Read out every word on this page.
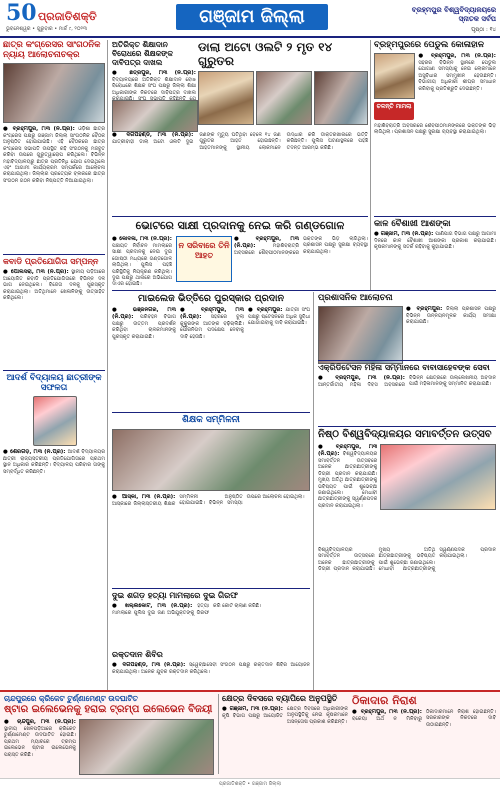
50 ପ୍ରଜାତିଶକ୍ତି
ଭୁବନେଶ୍ୱର • ଗୁରୁବାର • ମାର୍ଚ୍ଚ ୯, ୨୦୨୩
ଗଞ୍ଜାମ ଜିଲ୍ଲା	ବ୍ରହ୍ମପୁର ବିଶ୍ୱବିଦ୍ୟାଳୟରେ ସ୍ନାତକ ସର୍ବପ
ପୃଷ୍ଠା : ୧୪
ଛାତ୍ର କଂଗ୍ରେସର ସାଂଗଠନିକ ନ୍ୟାୟ ଆଲୋଚନାଚକ୍ର
● ବ୍ରହ୍ମପୁର, ୮ା୩ (ନି.ପ୍ର): ଓଡ଼ିଶା ଛାତ୍ର କଂଗ୍ରେସ ପକ୍ଷରୁ ଗଞ୍ଜାମ ଜିଲ୍ଲା ସାଂଗଠନିକ ବୈଠକ ଅନୁଷ୍ଠିତ ହୋଇଯାଇଛି। ଏହି ବୈଠକରେ ଛାତ୍ର କଂଗ୍ରେସ ସଭାପତି ଉପସ୍ଥିତ ରହି ସଂଗଠନକୁ ମଜବୁତ କରିବା ଉପରେ ଗୁରୁତ୍ୱାରୋପ କରିଥିଲେ। ବିଭିନ୍ନ ମହାବିଦ୍ୟାଳୟରୁ ଛାତ୍ର ପ୍ରତିନିଧି ଯୋଗ ଦେଇଥିଲେ ଏବଂ ଆଗାମୀ କାର୍ଯ୍ୟକ୍ରମ ସମ୍ପର୍କରେ ଆଲୋଚନା କରାଯାଇଥିଲା। ଜିଲ୍ଲାର ପ୍ରତ୍ୟେକ ବ୍ଲକରେ ଛାତ୍ର ସଂଗଠନ ଗଠନ କରିବା ନିଷ୍ପତ୍ତି ନିଆଯାଇଥିଲା।
କବାଡି ପ୍ରତିଯୋଗିତା ସମ୍ପନ୍ନ
● ପୋଲସରା, ୮ା୩ (ନି.ପ୍ର): ସ୍ଥାନୀୟ ପଡ଼ିଆରେ ଆୟୋଜିତ କବାଡି ପ୍ରତିଯୋଗିତାରେ ବିଭିନ୍ନ ଦଳ ଭାଗ ନେଇଥିଲେ। ବିଜେତା ଦଳକୁ ପୁରସ୍କୃତ କରାଯାଇଥିଲା। ଅତିଥିମାନେ ଖେଳାଳିଙ୍କୁ ଉତ୍ସାହିତ କରିଥିଲେ।
ଆଦର୍ଶ ବିଦ୍ୟାଳୟ ଛାତ୍ରୀଙ୍କ ସଫଳତା
● ଶେରଗଡ଼, ୮ା୩ (ନି.ପ୍ର): ଆଦର୍ଶ ବିଦ୍ୟାଳୟର ଛାତ୍ରୀ ରାଜ୍ୟସ୍ତରୀୟ ପ୍ରତିଯୋଗିତାରେ ପ୍ରଥମ ସ୍ଥାନ ଅଧିକାର କରିଛନ୍ତି। ବିଦ୍ୟାଳୟ ପରିବାର ତାଙ୍କୁ ସମ୍ବର୍ଦ୍ଧିତ କରିଛନ୍ତି।
ଅତିରିକ୍ତ ଶିକ୍ଷାଦାନ ବିରୋଧରେ ଶିକ୍ଷକଙ୍କ ଦାବିପତ୍ର ଦାଖଲ
● ଛତ୍ରପୁର, ୮ା୩ (ନି.ପ୍ର): ବିଦ୍ୟାଳୟରେ ଅତିରିକ୍ତ ଶିକ୍ଷାଦାନ ବୋଝ ବିରୋଧରେ ଶିକ୍ଷକ ସଂଘ ପକ୍ଷରୁ ଜିଲ୍ଲା ଶିକ୍ଷା ଅଧିକାରୀଙ୍କ ନିକଟରେ ଦାବିପତ୍ର ଦାଖଲ
ଡାଲା ଅଟୋ ଓଲଟି ୨ ମୃତ ୧୪ ଗୁରୁତର
● ଦିଗପହଣ୍ଡି, ୮ା୩ (ନି.ପ୍ର): ଯାତ୍ରୀବାହୀ ଡାଲା ଅଟୋ ଓଲଟି ଦୁଇ ଜଣଙ୍କ ମୃତ୍ୟୁ ଘଟିଥିବା ବେଳେ ୧୪ ଜଣ ଗୁରୁତର ଆହତ ହୋଇଛନ୍ତି। ଆହତମାନଙ୍କୁ ସ୍ଥାନୀୟ ଲୋକମାନେ ଉଦ୍ଧାର କରି ଡାକ୍ତରଖାନାରେ ଭର୍ତ୍ତି କରିଛନ୍ତି। ପୁଲିସ ଘଟଣାସ୍ଥଳରେ ପହଞ୍ଚି ତଦନ୍ତ ଆରମ୍ଭ କରିଛି।
ବ୍ରହ୍ମପୁରରେ ପେଡୁଲ କୋଳାହାଳ
● ବ୍ରହ୍ମପୁର, ୮ା୩ (ନି.ପ୍ର): ସହରର ବିଭିନ୍ନ ସ୍ଥାନରେ ପେଡୁଲ ଯୋଗାଣ ସମସ୍ୟାକୁ ନେଇ ଲୋକମାନେ ଅସୁବିଧାର ସମ୍ମୁଖୀନ ହେଉଛନ୍ତି। ବିଭାଗୀୟ ଅଧିକାରୀ ଶୀଘ୍ର ସମାଧାନ କରିବାକୁ ପ୍ରତିଶ୍ରୁତି ଦେଇଛନ୍ତି।
ଚଳନ୍ତି ମାମଲା
ମହାଶିବରାତ୍ରି ଅବସରରେ ଶୈବପୀଠମାନଙ୍କରେ ଭକ୍ତଙ୍କ ଭିଡ଼ ଲାଗିଥିଲା। ପ୍ରଶାସନ ପକ୍ଷରୁ ସୁରକ୍ଷା ବ୍ୟବସ୍ଥା କରାଯାଇଥିଲା।
ଭୋଟରେ ସାକ୍ଷୀ ପ୍ରଦାନକୁ ନେଇ କରି ଗଣ୍ଡଗୋଳ
● କୋଦଳା, ୮ା୩ (ନି.ପ୍ର): ପଞ୍ଚାୟତ ନିର୍ବାଚନ ମାମଲାରେ ସାକ୍ଷୀ ପ୍ରଦାନକୁ ନେଇ ଦୁଇ ଗୋଷ୍ଠୀ ମଧ୍ୟରେ ଗଣ୍ଡଗୋଳ ଲାଗିଥିଲା। ପୁଲିସ ପହଞ୍ଚି ପରିସ୍ଥିତିକୁ ନିୟନ୍ତ୍ରଣ କରିଥିଲା। ଦୁଇ ପକ୍ଷରୁ ଥାନାରେ ଅଭିଯୋଗ ଦାଏର ହୋଇଛି।
ନ ସରିବାରେ ତିନି ଆହତ
● ବ୍ରହ୍ମପୁର, ୮ା୩ (ନି.ପ୍ର): ମହାଶିବରାତ୍ରି ଅବସରରେ ଶୈବପୀଠମାନଙ୍କରେ ଭକ୍ତଙ୍କ ଭିଡ଼ ଲାଗିଥିଲା। ପ୍ରଶାସନ ପକ୍ଷରୁ ସୁରକ୍ଷା ବ୍ୟବସ୍ଥା କରାଯାଇଥିଲା।
କାଳ ବୈଶାଖୀ ଆଶଙ୍କା
● ଗଞ୍ଜାମ, ୮ା୩ (ନି.ପ୍ର): ପାଣିପାଗ ବିଭାଗ ପକ୍ଷରୁ ଆଗାମୀ ଦିନରେ କାଳ ବୈଶାଖୀ ଆଶଙ୍କା ପ୍ରକାଶ କରାଯାଇଛି। କୃଷକମାନଙ୍କୁ ସତର୍କ ରହିବାକୁ କୁହାଯାଇଛି।
ମାଇଲେଜ ଭିତ୍ତିରେ ପୁରସ୍କାର ପ୍ରଦାନ
● ଭଞ୍ଜନଗର, ୮ା୩ (ନି.ପ୍ର): ପରିବହନ ବିଭାଗ ପକ୍ଷରୁ ଉତ୍ତମ ପ୍ରଦର୍ଶନ କରିଥିବା ଚାଳକମାନଙ୍କୁ ପୁରସ୍କୃତ କରାଯାଇଛି।
● ବ୍ରହ୍ମପୁର, ୮ା୩ (ନି.ପ୍ର): ସହରରେ ବୁଲା କୁକୁରଙ୍କ ଆତଙ୍କ ବଢ଼ିଚାଲିଛି। ପୌରନିଗମ ପଦକ୍ଷେପ ନେବାକୁ ଦାବି ହେଉଛି।
● ବ୍ରହ୍ମପୁର: ଯାତ୍ରୀ ସଂଘ ପକ୍ଷରୁ ଷ୍ଟେସନରେ ଅଧିକ ସୁବିଧା ଯୋଗାଇବାକୁ ଦାବି କରାଯାଇଛି।
ଶିକ୍ଷକ ସମ୍ମିଳନୀ
● ଆସ୍କା, ୮ା୩ (ନି.ପ୍ର): ଆସ୍କାରେ ଜିଲ୍ଲାସ୍ତରୀୟ ଶିକ୍ଷକ ସମ୍ମିଳନୀ ଅନୁଷ୍ଠିତ ହୋଇଯାଇଛି। ବିଭିନ୍ନ ସମସ୍ୟା ଉପରେ ଆଲୋଚନା ହୋଇଥିଲା।
ଦୁଇ ଶଗଡ଼ ହତ୍ୟା ମାମଲାରେ ଦୁଇ ଗିରଫ
● ଖଲ୍ଲିକୋଟ, ୮ା୩ (ନି.ପ୍ର): ହତ୍ୟା ମାମଲାରେ ପୁଲିସ ଦୁଇ ଜଣ ଅଭିଯୁକ୍ତଙ୍କୁ ଗିରଫ କରି କୋର୍ଟ ଚାଲାଣ କରିଛି।
ରକ୍ତଦାନ ଶିବିର
● ଦିଗପହଣ୍ଡି, ୮ା୩ (ନି.ପ୍ର): ସ୍ୱେଚ୍ଛାସେବୀ ସଂଗଠନ ପକ୍ଷରୁ ରକ୍ତଦାନ ଶିବିର ଆୟୋଜନ କରାଯାଇଥିଲା। ଅନେକ ଯୁବକ ରକ୍ତଦାନ କରିଥିଲେ।
ପ୍ରଶାସନିକ ଆଲୋଚନା
● ବ୍ରହ୍ମପୁର: ଜିଲ୍ଲା ପ୍ରଶାସନ ପକ୍ଷରୁ ବିଭିନ୍ନ ଉନ୍ନୟନମୂଳକ କାର୍ଯ୍ୟ ସମୀକ୍ଷା କରାଯାଇଛି।
ଏକ୍ରିଡିଟେସନ ମହିଳା ସମ୍ମାନରେ ବାବାସାହେବଙ୍କ ସେବା
● ବ୍ରହ୍ମପୁର, ୮ା୩ (ନି.ପ୍ର): ଆନ୍ତର୍ଜାତୀୟ ମହିଳା ଦିବସ ଅବସରରେ ବିଭିନ୍ନ କ୍ଷେତ୍ରରେ ଉଲ୍ଲେଖନୀୟ ଅବଦାନ ପାଇଁ ମହିଳାମାନଙ୍କୁ ସମ୍ମାନିତ କରାଯାଇଛି।
ନିଷ୍ଠ ବିଶ୍ୱବିଦ୍ୟାଳୟର ସମାବର୍ତ୍ତନ ଉତ୍ସବ
● ବ୍ରହ୍ମପୁର, ୮ା୩ (ନି.ପ୍ର): ବିଶ୍ୱବିଦ୍ୟାଳୟର ସମାବର୍ତ୍ତନ ଉତ୍ସବରେ ଅନେକ ଛାତ୍ରଛାତ୍ରୀଙ୍କୁ ଡିଗ୍ରୀ ପ୍ରଦାନ କରାଯାଇଛି। ମୁଖ୍ୟ ଅତିଥି ଛାତ୍ରଛାତ୍ରୀଙ୍କୁ ଭବିଷ୍ୟତ ପାଇଁ ଶୁଭେଚ୍ଛା ଜଣାଇଥିଲେ। ମେଧାବୀ ଛାତ୍ରଛାତ୍ରୀଙ୍କୁ ସ୍ୱର୍ଣ୍ଣପଦକ ପ୍ରଦାନ କରାଯାଇଥିଲା।
ବିଶ୍ୱବିଦ୍ୟାଳୟର ସମାବର୍ତ୍ତନ ଉତ୍ସବରେ ଅନେକ ଛାତ୍ରଛାତ୍ରୀଙ୍କୁ ଡିଗ୍ରୀ ପ୍ରଦାନ କରାଯାଇଛି। ମୁଖ୍ୟ ଅତିଥି ଛାତ୍ରଛାତ୍ରୀଙ୍କୁ ଭବିଷ୍ୟତ ପାଇଁ ଶୁଭେଚ୍ଛା ଜଣାଇଥିଲେ। ମେଧାବୀ ଛାତ୍ରଛାତ୍ରୀଙ୍କୁ ସ୍ୱର୍ଣ୍ଣପଦକ ପ୍ରଦାନ କରାଯାଇଥିଲା।
ଚାନ୍ଦପୁରରେ କ୍ରିକେଟ ଟୁର୍ଣ୍ଣାମେଣ୍ଟ ଉଦଘାଟିତ
ଷ୍ଟାର ଇଲେଭେନକୁ ହରାଇ ଟ୍ରମ୍ପ ଇଲେଭେନ ବିଜୟୀ
● ଚାନ୍ଦପୁର, ୮ା୩ (ନି.ପ୍ର): ସ୍ଥାନୀୟ ଖେଳପଡ଼ିଆରେ କ୍ରିକେଟ ଟୁର୍ଣ୍ଣାମେଣ୍ଟ ଉଦଘାଟିତ ହୋଇଛି। ପ୍ରଥମ ମ୍ୟାଚରେ ଟ୍ରମ୍ପ ଇଲେଭେନ ଷ୍ଟାର ଇଲେଭେନକୁ ପରାସ୍ତ କରିଛି।
କ୍ଷେତ୍ର ଦିବସରେ ବ୍ୟାପିରେ ଅନୁପସ୍ଥିତି
● ଗଞ୍ଜାମ, ୮ା୩ (ନି.ପ୍ର): କୃଷି ବିଭାଗ ପକ୍ଷରୁ ଆୟୋଜିତ କ୍ଷେତ୍ର ଦିବସରେ ଅଧିକାରୀଙ୍କ ଅନୁପସ୍ଥିତିକୁ ନେଇ କୃଷକମାନେ ଅସନ୍ତୋଷ ପ୍ରକାଶ କରିଛନ୍ତି।
ଠିକାଦାର ନିରାଶ
● ବ୍ରହ୍ମପୁର, ୮ା୩ (ନି.ପ୍ର): ବକେୟା ଅର୍ଥ ନ ମିଳିବାରୁ ଠିକାଦାରମାନେ ନିରାଶ ହୋଇଛନ୍ତି। ସରକାରଙ୍କ ନିକଟରେ ଦାବି ଉଠାଇଛନ୍ତି।
ପ୍ରଜାତିଶକ୍ତି • ଗଞ୍ଜାମ ଜିଲ୍ଲା
